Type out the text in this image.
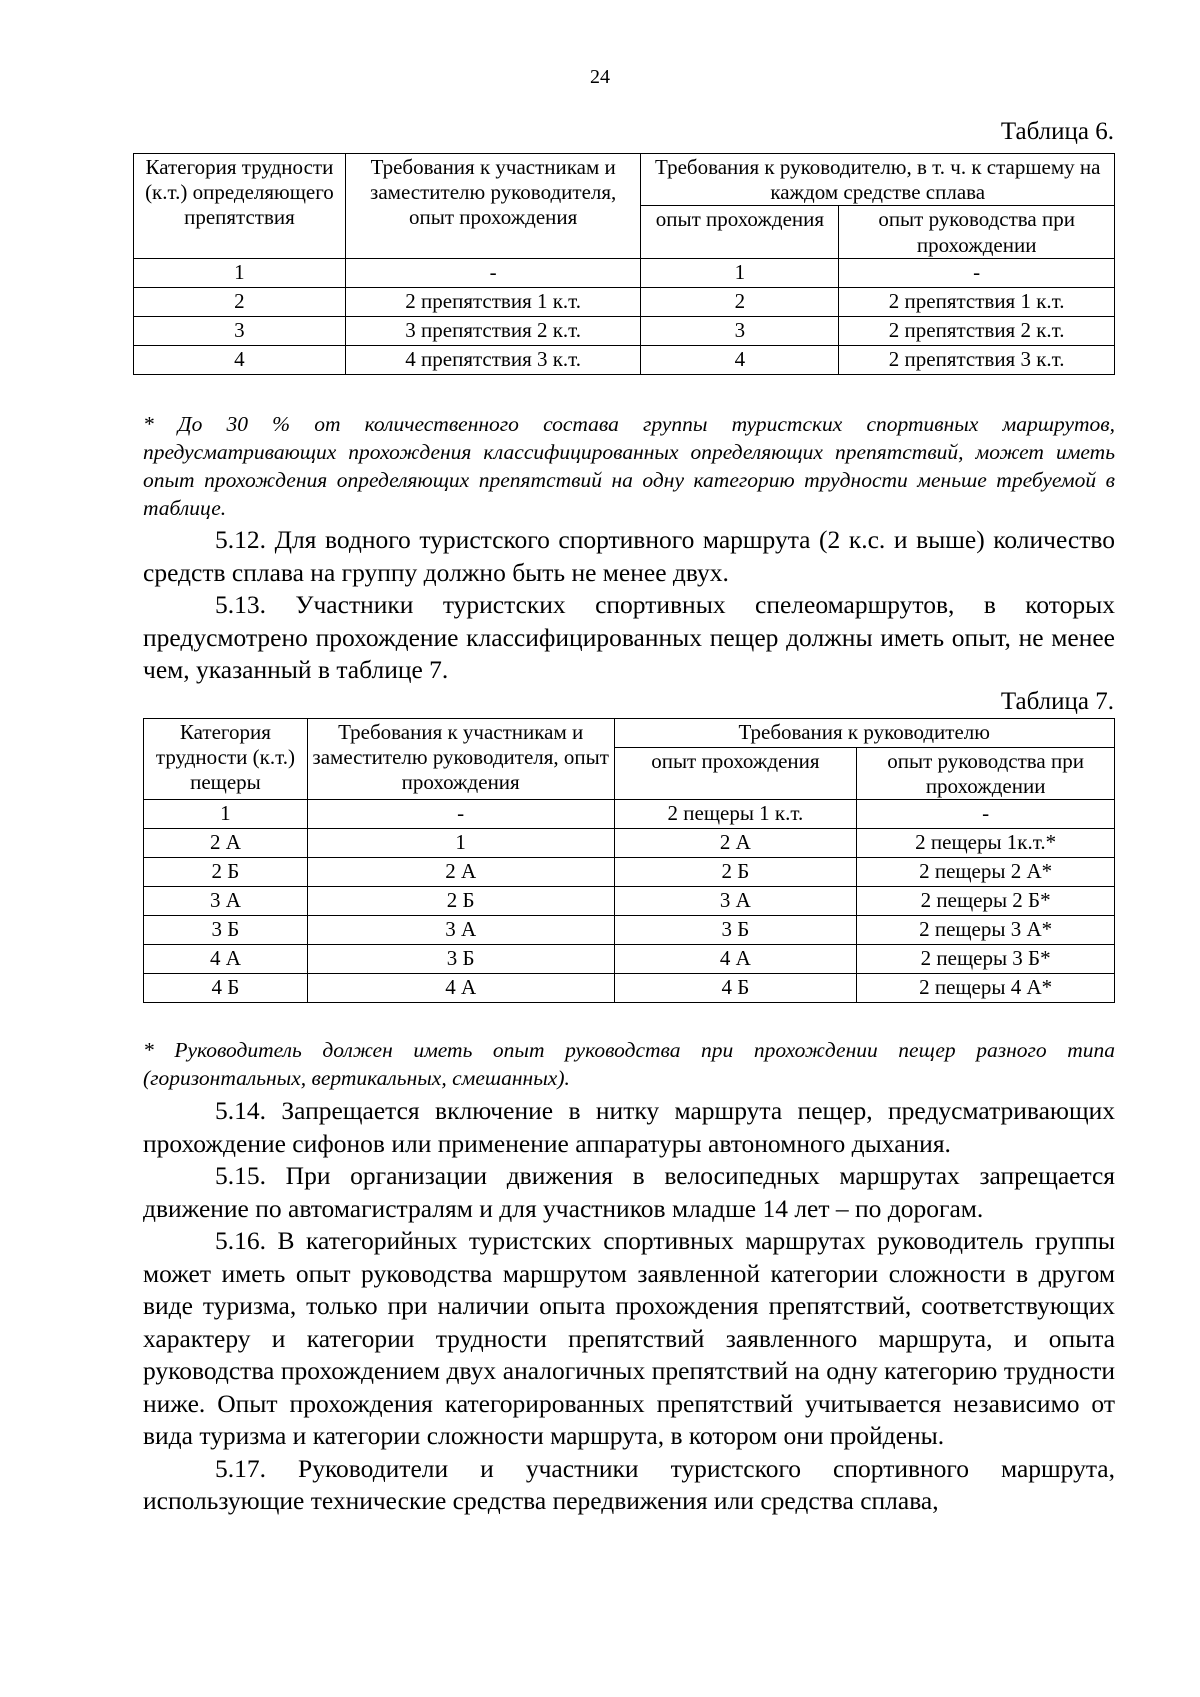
24
Таблица 6.
Категория трудности (к.т.) определяющего препятствия	Требования к участникам и заместителю руководителя, опыт прохождения	Требования к руководителю, в т. ч. к старшему на каждом средстве сплава	
		опыт прохождения	опыт руководства при прохождении
1	-	1	-
2	2 препятствия 1 к.т.	2	2 препятствия 1 к.т.
3	3 препятствия 2 к.т.	3	2 препятствия 2 к.т.
4	4 препятствия 3 к.т.	4	2 препятствия 3 к.т.
* До 30 % от количественного состава группы туристских спортивных маршрутов, предусматривающих прохождения классифицированных определяющих препятствий, может иметь опыт прохождения определяющих препятствий на одну категорию трудности меньше требуемой в таблице.

5.12. Для водного туристского спортивного маршрута (2 к.с. и выше) количество средств сплава на группу должно быть не менее двух.

5.13. Участники туристских спортивных спелеомаршрутов, в которых предусмотрено прохождение классифицированных пещер должны иметь опыт, не менее чем, указанный в таблице 7.

Таблица 7.
Категория трудности (к.т.) пещеры	Требования к участникам и заместителю руководителя, опыт прохождения	Требования к руководителю	
		опыт прохождения	опыт руководства при прохождении
1	-	2 пещеры 1 к.т.	-
2 А	1	2 А	2 пещеры 1к.т.*
2 Б	2 А	2 Б	2 пещеры 2 А*
3 А	2 Б	3 А	2 пещеры 2 Б*
3 Б	3 А	3 Б	2 пещеры 3 А*
4 А	3 Б	4 А	2 пещеры 3 Б*
4 Б	4 А	4 Б	2 пещеры 4 А*
* Руководитель должен иметь опыт руководства при прохождении пещер разного типа (горизонтальных, вертикальных, смешанных).

5.14. Запрещается включение в нитку маршрута пещер, предусматривающих прохождение сифонов или применение аппаратуры автономного дыхания.

5.15. При организации движения в велосипедных маршрутах запрещается движение по автомагистралям и для участников младше 14 лет – по дорогам.

5.16. В категорийных туристских спортивных маршрутах руководитель группы может иметь опыт руководства маршрутом заявленной категории сложности в другом виде туризма, только при наличии опыта прохождения препятствий, соответствующих характеру и категории трудности препятствий заявленного маршрута, и опыта руководства прохождением двух аналогичных препятствий на одну категорию трудности ниже. Опыт прохождения категорированных препятствий учитывается независимо от вида туризма и категории сложности маршрута, в котором они пройдены.

5.17. Руководители и участники туристского спортивного маршрута, использующие технические средства передвижения или средства сплава,
